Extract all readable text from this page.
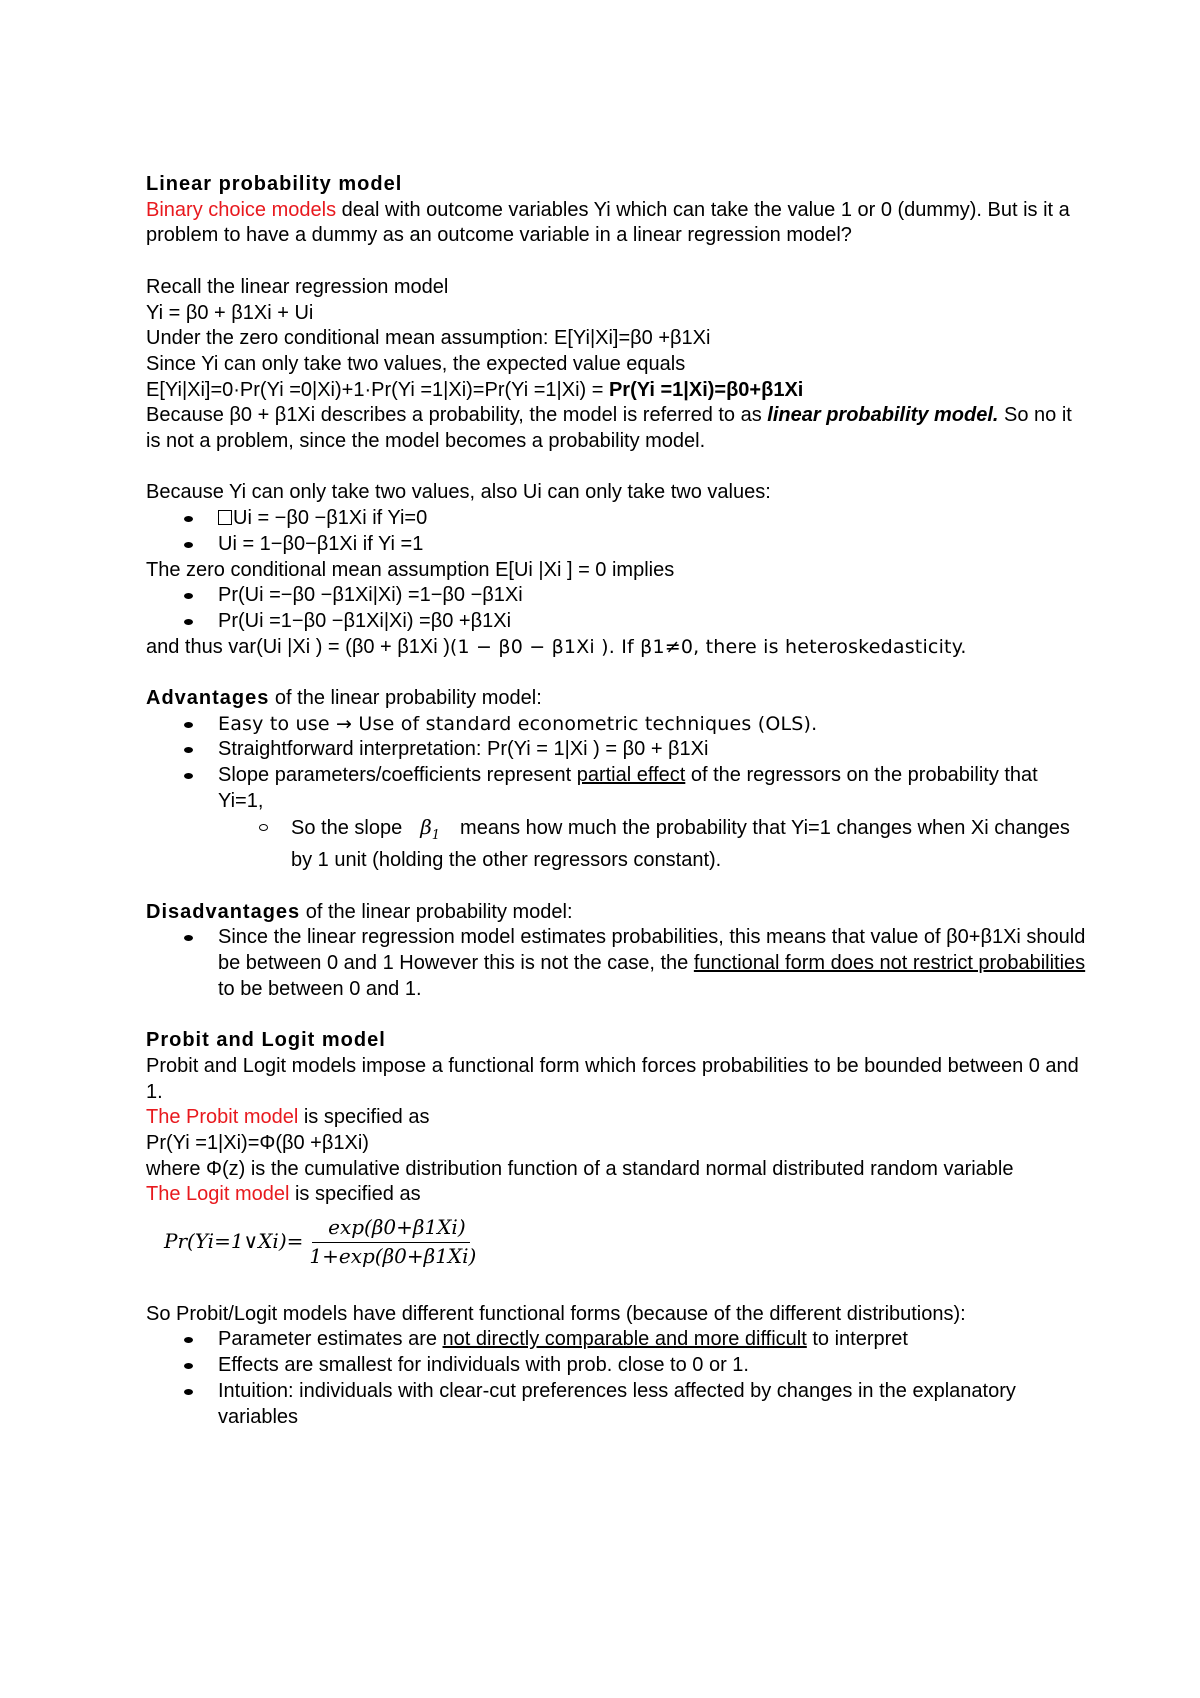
Linear probability model
Binary choice models deal with outcome variables Yi which can take the value 1 or 0 (dummy). But is it a problem to have a dummy as an outcome variable in a linear regression model?
Recall the linear regression model
Yi = β0 + β1Xi + Ui
Under the zero conditional mean assumption: E[Yi|Xi]=β0 +β1Xi
Since Yi can only take two values, the expected value equals
E[Yi|Xi]=0·Pr(Yi =0|Xi)+1·Pr(Yi =1|Xi)=Pr(Yi =1|Xi) = Pr(Yi =1|Xi)=β0+β1Xi
Because β0 + β1Xi describes a probability, the model is referred to as linear probability model. So no it is not a problem, since the model becomes a probability model.
Because Yi can only take two values, also Ui can only take two values:
Ui = −β0 −β1Xi if Yi=0
Ui = 1−β0−β1Xi if Yi =1
The zero conditional mean assumption E[Ui |Xi ] = 0 implies
Pr(Ui =−β0 −β1Xi|Xi) =1−β0 −β1Xi
Pr(Ui =1−β0 −β1Xi|Xi) =β0 +β1Xi
and thus var(Ui |Xi ) = (β0 + β1Xi )(1 − β0 − β1Xi ). If β1≠0, there is heteroskedasticity.
Advantages of the linear probability model:
Easy to use → Use of standard econometric techniques (OLS).
Straightforward interpretation: Pr(Yi = 1|Xi ) = β0 + β1Xi
Slope parameters/coefficients represent partial effect of the regressors on the probability that Yi=1,
So the slope $\beta_1$ means how much the probability that Yi=1 changes when Xi changes by 1 unit (holding the other regressors constant).
Disadvantages of the linear probability model:
Since the linear regression model estimates probabilities, this means that value of β0+β1Xi should be between 0 and 1 However this is not the case, the functional form does not restrict probabilities to be between 0 and 1.
Probit and Logit model
Probit and Logit models impose a functional form which forces probabilities to be bounded between 0 and 1.
The Probit model is specified as
Pr(Yi =1|Xi)=Φ(β0 +β1Xi)
where Φ(z) is the cumulative distribution function of a standard normal distributed random variable
The Logit model is specified as
Pr(Yi=1∨Xi)= $\frac{\exp(\beta 0+\beta 1Xi)}{1+\exp(\beta 0+\beta 1Xi)}$
So Probit/Logit models have different functional forms (because of the different distributions):
Parameter estimates are not directly comparable and more difficult to interpret
Effects are smallest for individuals with prob. close to 0 or 1.
Intuition: individuals with clear-cut preferences less affected by changes in the explanatory variables
